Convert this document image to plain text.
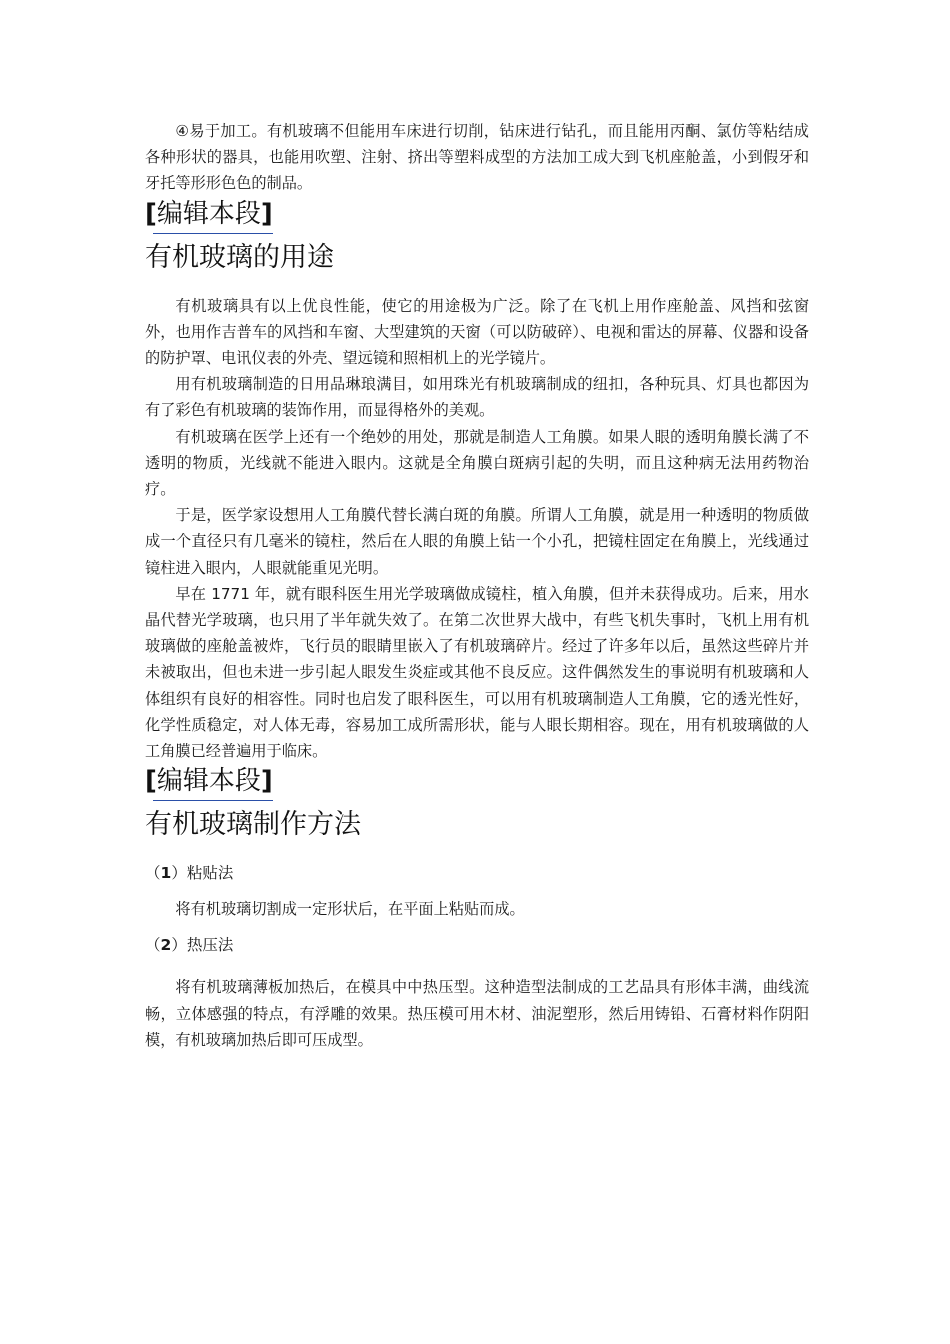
④易于加工。有机玻璃不但能用车床进行切削，钻床进行钻孔，而且能用丙酮、氯仿等粘结成各种形状的器具，也能用吹塑、注射、挤出等塑料成型的方法加工成大到飞机座舱盖，小到假牙和牙托等形形色色的制品。

[编辑本段]
有机玻璃的用途

有机玻璃具有以上优良性能，使它的用途极为广泛。除了在飞机上用作座舱盖、风挡和弦窗外，也用作吉普车的风挡和车窗、大型建筑的天窗（可以防破碎）、电视和雷达的屏幕、仪器和设备的防护罩、电讯仪表的外壳、望远镜和照相机上的光学镜片。

用有机玻璃制造的日用品琳琅满目，如用珠光有机玻璃制成的纽扣，各种玩具、灯具也都因为有了彩色有机玻璃的装饰作用，而显得格外的美观。

有机玻璃在医学上还有一个绝妙的用处，那就是制造人工角膜。如果人眼的透明角膜长满了不透明的物质，光线就不能进入眼内。这就是全角膜白斑病引起的失明，而且这种病无法用药物治疗。

于是，医学家设想用人工角膜代替长满白斑的角膜。所谓人工角膜，就是用一种透明的物质做成一个直径只有几毫米的镜柱，然后在人眼的角膜上钻一个小孔，把镜柱固定在角膜上，光线通过镜柱进入眼内，人眼就能重见光明。

早在 1771 年，就有眼科医生用光学玻璃做成镜柱，植入角膜，但并未获得成功。后来，用水晶代替光学玻璃，也只用了半年就失效了。在第二次世界大战中，有些飞机失事时，飞机上用有机玻璃做的座舱盖被炸，飞行员的眼睛里嵌入了有机玻璃碎片。经过了许多年以后，虽然这些碎片并未被取出，但也未进一步引起人眼发生炎症或其他不良反应。这件偶然发生的事说明有机玻璃和人体组织有良好的相容性。同时也启发了眼科医生，可以用有机玻璃制造人工角膜，它的透光性好，化学性质稳定，对人体无毒，容易加工成所需形状，能与人眼长期相容。现在，用有机玻璃做的人工角膜已经普遍用于临床。

[编辑本段]
有机玻璃制作方法

（1）粘贴法

将有机玻璃切割成一定形状后，在平面上粘贴而成。

（2）热压法

将有机玻璃薄板加热后，在模具中中热压型。这种造型法制成的工艺品具有形体丰满，曲线流畅，立体感强的特点，有浮雕的效果。热压模可用木材、油泥塑形，然后用铸铅、石膏材料作阴阳模，有机玻璃加热后即可压成型。
